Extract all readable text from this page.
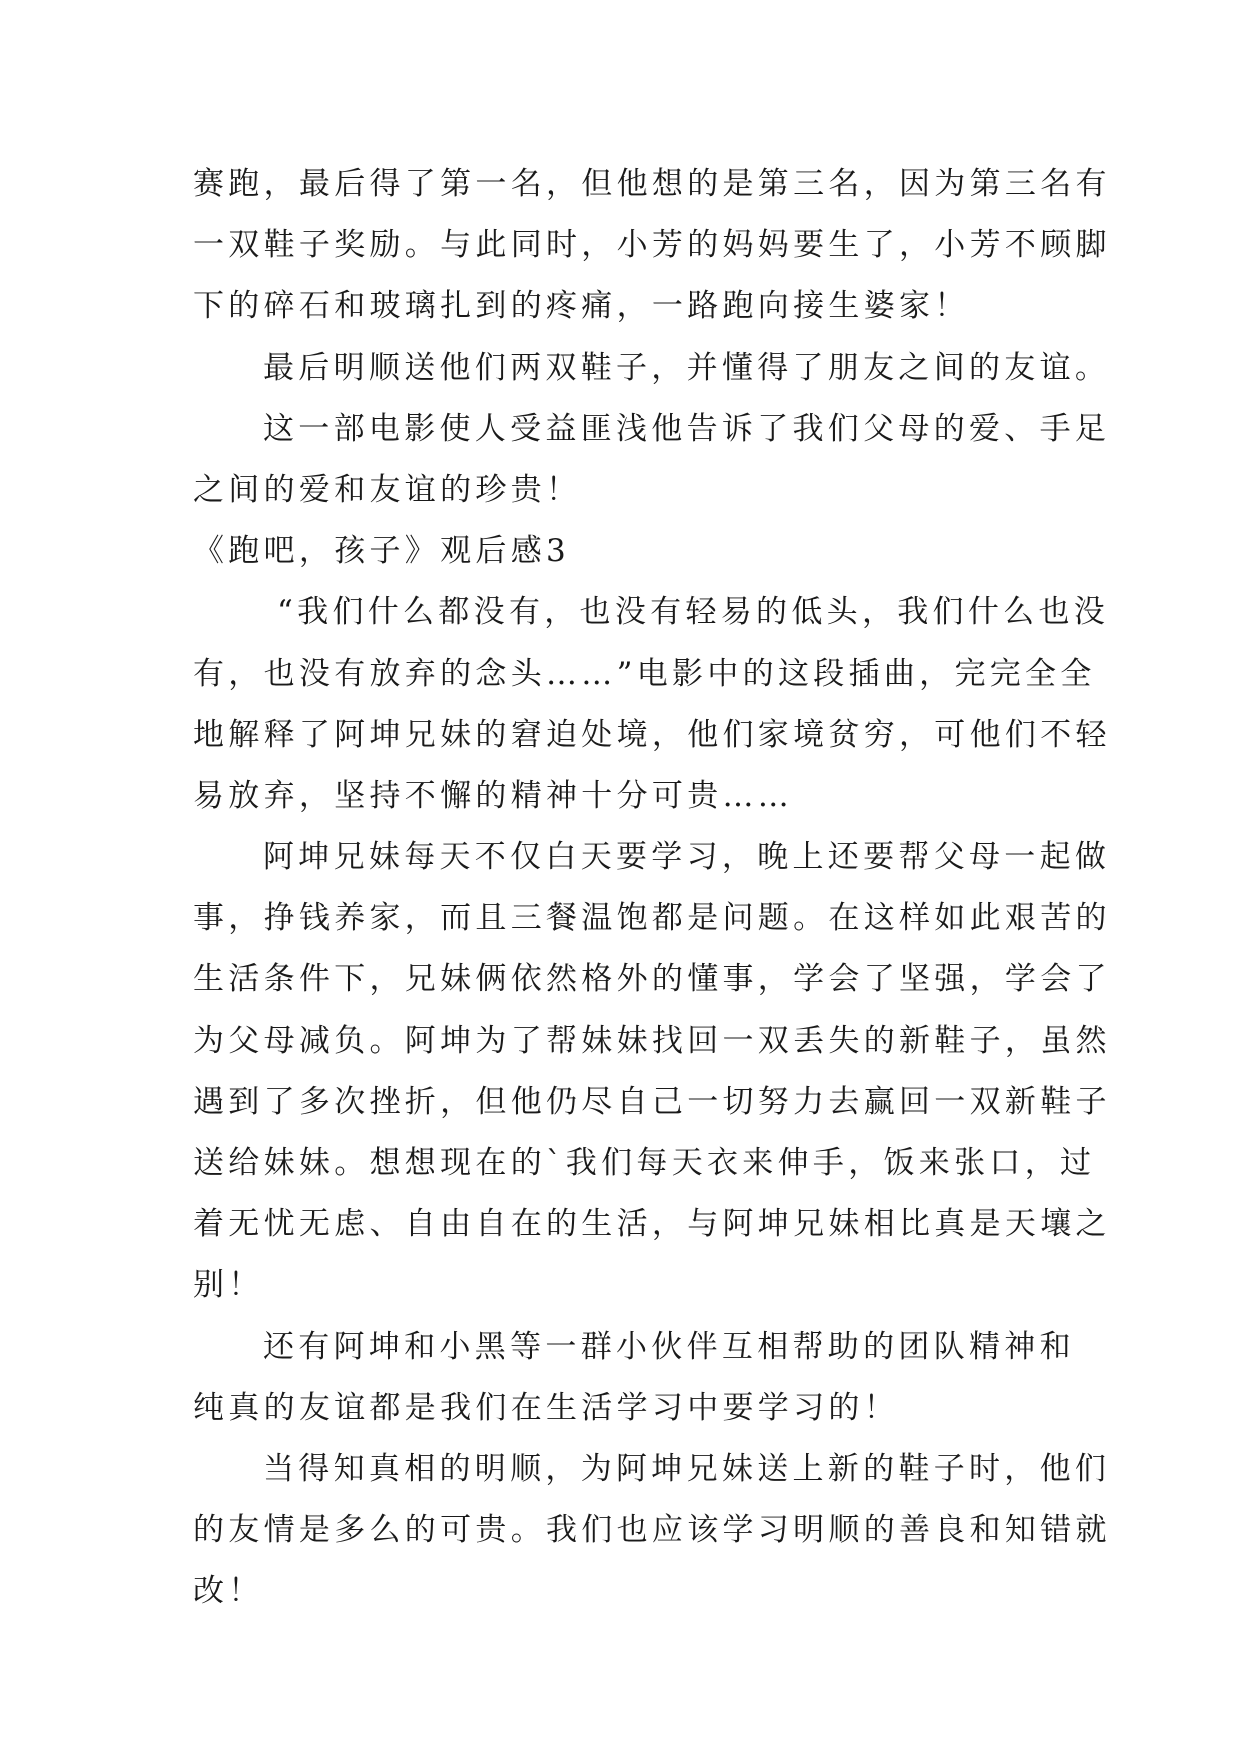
赛跑，最后得了第一名，但他想的是第三名，因为第三名有
一双鞋子奖励。与此同时，小芳的妈妈要生了，小芳不顾脚
下的碎石和玻璃扎到的疼痛，一路跑向接生婆家！
最后明顺送他们两双鞋子，并懂得了朋友之间的友谊。
这一部电影使人受益匪浅他告诉了我们父母的爱、手足
之间的爱和友谊的珍贵！
《跑吧，孩子》观后感3
“我们什么都没有，也没有轻易的低头，我们什么也没
有，也没有放弃的念头……”电影中的这段插曲，完完全全
地解释了阿坤兄妹的窘迫处境，他们家境贫穷，可他们不轻
易放弃，坚持不懈的精神十分可贵……
阿坤兄妹每天不仅白天要学习，晚上还要帮父母一起做
事，挣钱养家，而且三餐温饱都是问题。在这样如此艰苦的
生活条件下，兄妹俩依然格外的懂事，学会了坚强，学会了
为父母减负。阿坤为了帮妹妹找回一双丢失的新鞋子，虽然
遇到了多次挫折，但他仍尽自己一切努力去赢回一双新鞋子
送给妹妹。想想现在的`我们每天衣来伸手，饭来张口，过
着无忧无虑、自由自在的生活，与阿坤兄妹相比真是天壤之
别！
还有阿坤和小黑等一群小伙伴互相帮助的团队精神和
纯真的友谊都是我们在生活学习中要学习的！
当得知真相的明顺，为阿坤兄妹送上新的鞋子时，他们
的友情是多么的可贵。我们也应该学习明顺的善良和知错就
改！
